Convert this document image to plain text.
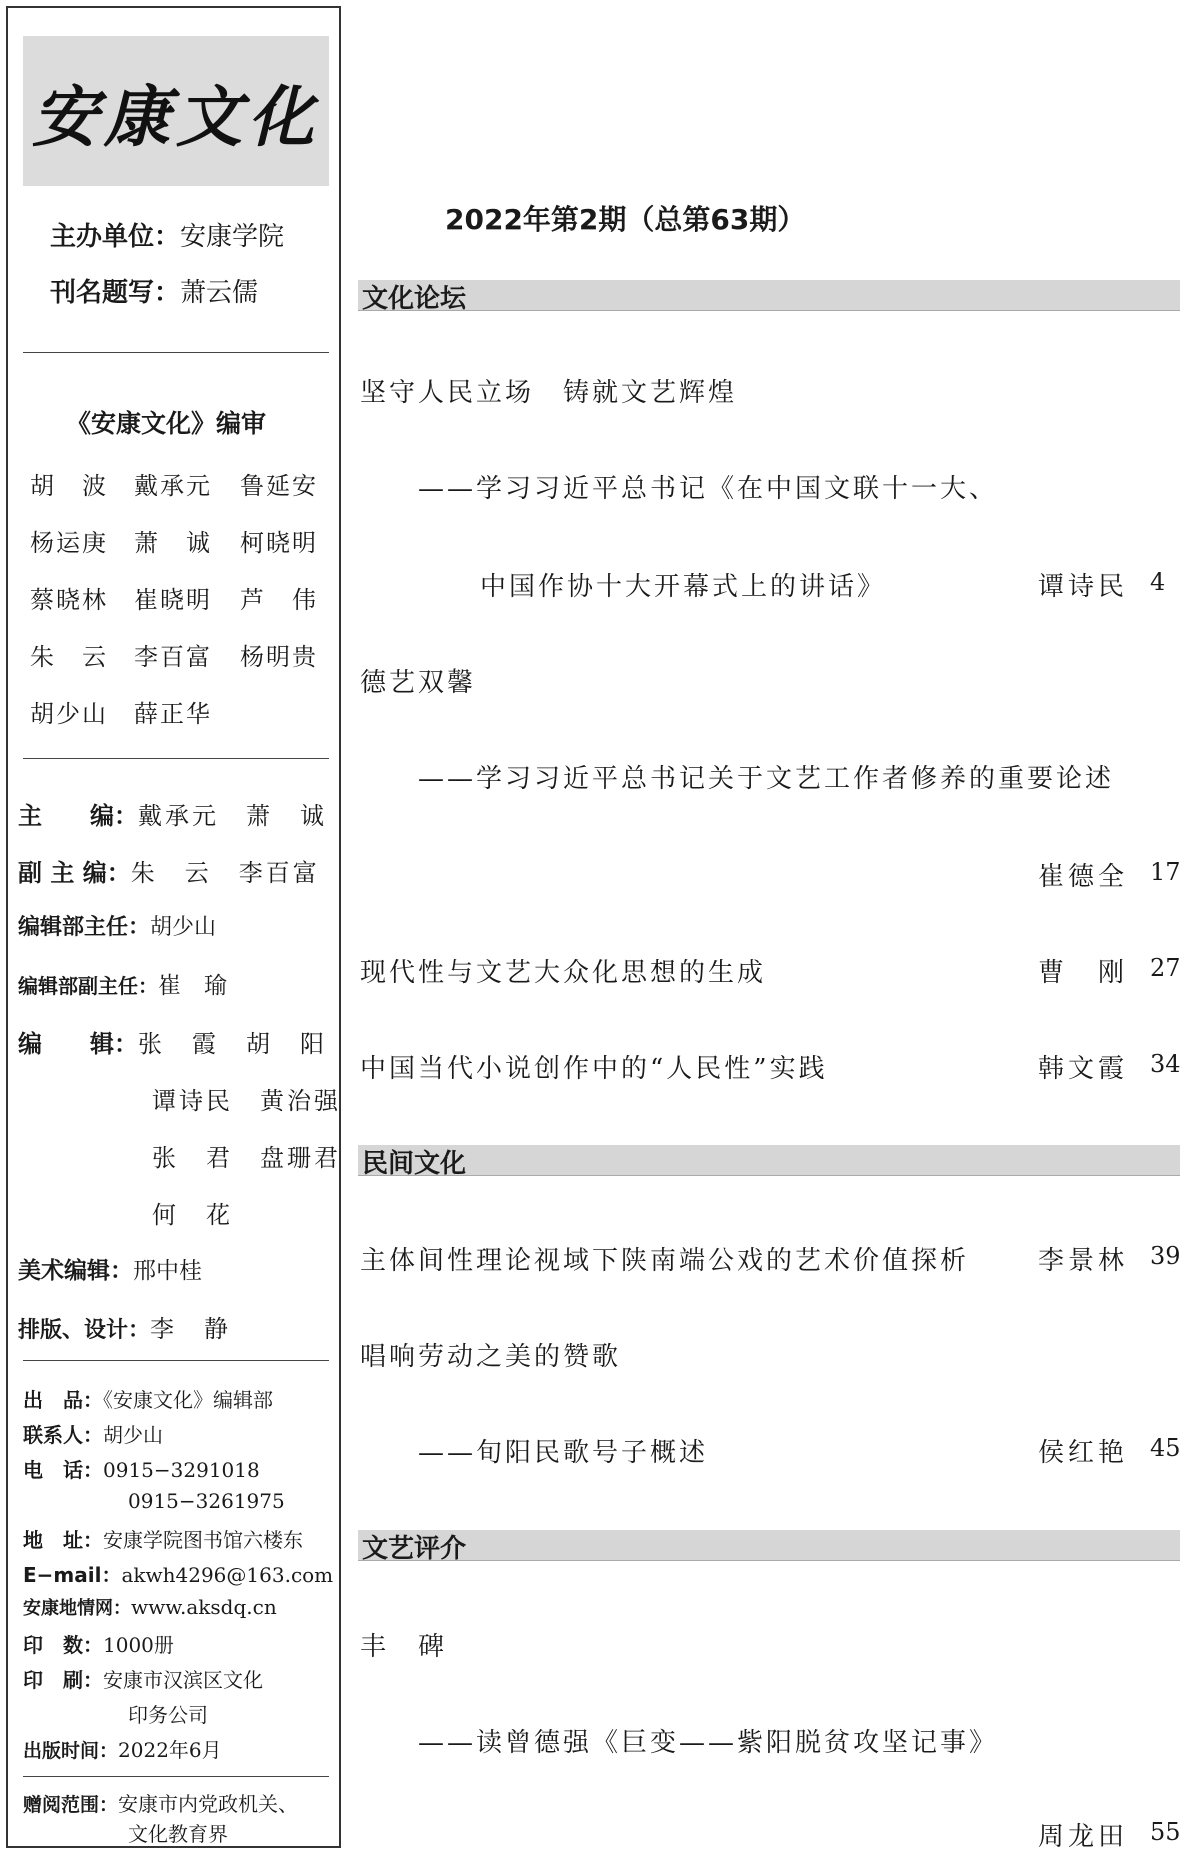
安康文化
主办单位：安康学院
刊名题写：萧云儒
《安康文化》编审
胡　波 戴承元 鲁延安
杨运庚 萧　诚 柯晓明
蔡晓林 崔晓明 芦　伟
朱　云 李百富 杨明贵
胡少山 薛正华
主　　编：戴承元　萧　诚
副 主 编：朱　云　李百富
编辑部主任：胡少山
编辑部副主任：崔　瑜
编　　辑：张　霞　胡　阳
谭诗民　黄治强
张　君　盘珊君
何　花
美术编辑：邢中桂
排版、设计：李　静
出　品：《安康文化》编辑部
联系人：胡少山
电　话：0915−3291018
0915−3261975
地　址：安康学院图书馆六楼东
E−mail：akwh4296@163.com
安康地情网：www.aksdq.cn
印　数：1000册
印　刷：安康市汉滨区文化
印务公司
出版时间：2022年6月
赠阅范围：安康市内党政机关、
文化教育界
2022年第2期（总第63期）
文化论坛
坚守人民立场　铸就文艺辉煌
——学习习近平总书记《在中国文联十一大、
中国作协十大开幕式上的讲话》	谭诗民 4
德艺双馨
——学习习近平总书记关于文艺工作者修养的重要论述
崔德全 17
现代性与文艺大众化思想的生成	曹　刚 27
中国当代小说创作中的“人民性”实践	韩文霞 34
民间文化
主体间性理论视域下陕南端公戏的艺术价值探析	李景林 39
唱响劳动之美的赞歌
——旬阳民歌号子概述	侯红艳 45
文艺评介
丰　碑
——读曾德强《巨变——紫阳脱贫攻坚记事》
周龙田 55
